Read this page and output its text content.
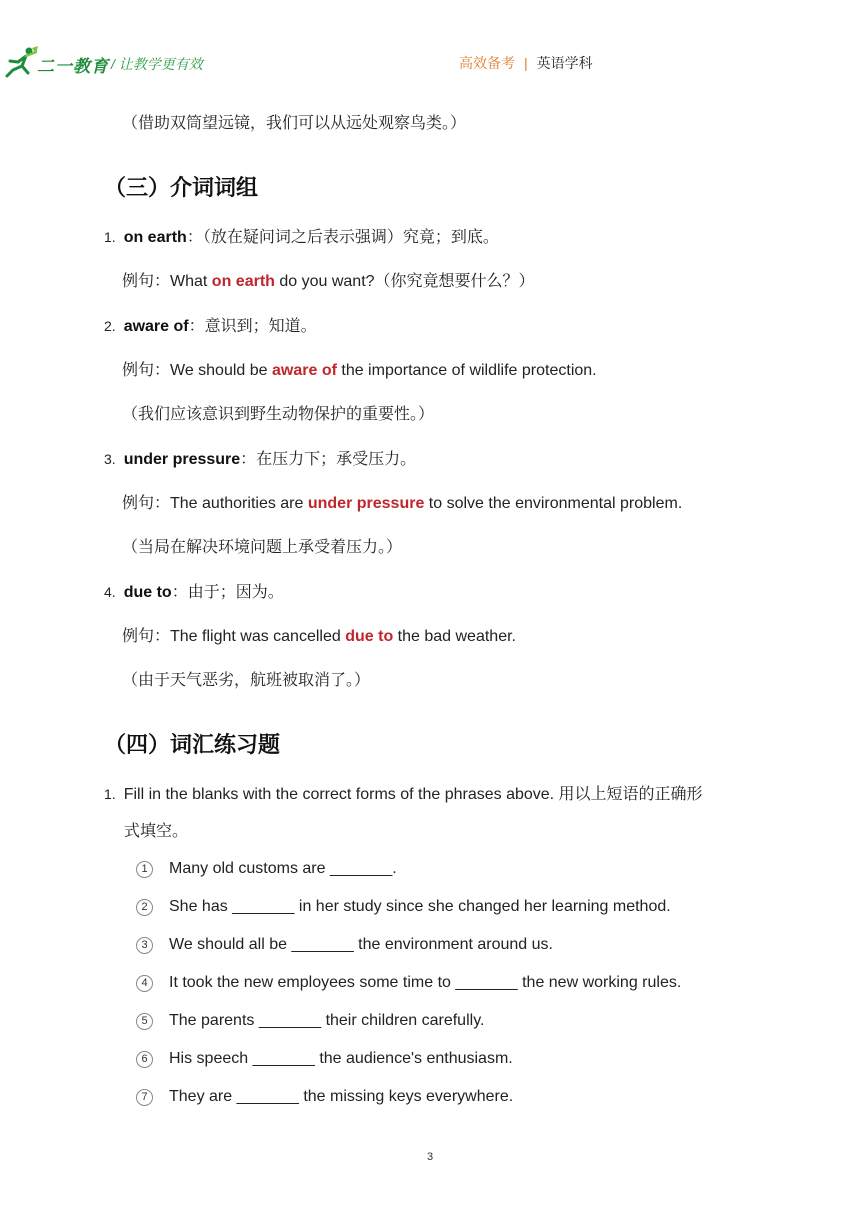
二一教育 / 让教学更有效	高效备考 | 英语学科
（借助双筒望远镜，我们可以从远处观察鸟类。）
（三）介词词组
1. on earth：（放在疑问词之后表示强调）究竟；到底。
例句：What on earth do you want?（你究竟想要什么？）
2. aware of：意识到；知道。
例句：We should be aware of the importance of wildlife protection.
（我们应该意识到野生动物保护的重要性。）
3. under pressure：在压力下；承受压力。
例句：The authorities are under pressure to solve the environmental problem.
（当局在解决环境问题上承受着压力。）
4. due to：由于；因为。
例句：The flight was cancelled due to the bad weather.
（由于天气恶劣，航班被取消了。）
（四）词汇练习题
1. Fill in the blanks with the correct forms of the phrases above. 用以上短语的正确形
式填空。
1	Many old customs are _______.
2	She has _______ in her study since she changed her learning method.
3	We should all be _______ the environment around us.
4	It took the new employees some time to _______ the new working rules.
5	The parents _______ their children carefully.
6	His speech _______ the audience's enthusiasm.
7	They are _______ the missing keys everywhere.
3
